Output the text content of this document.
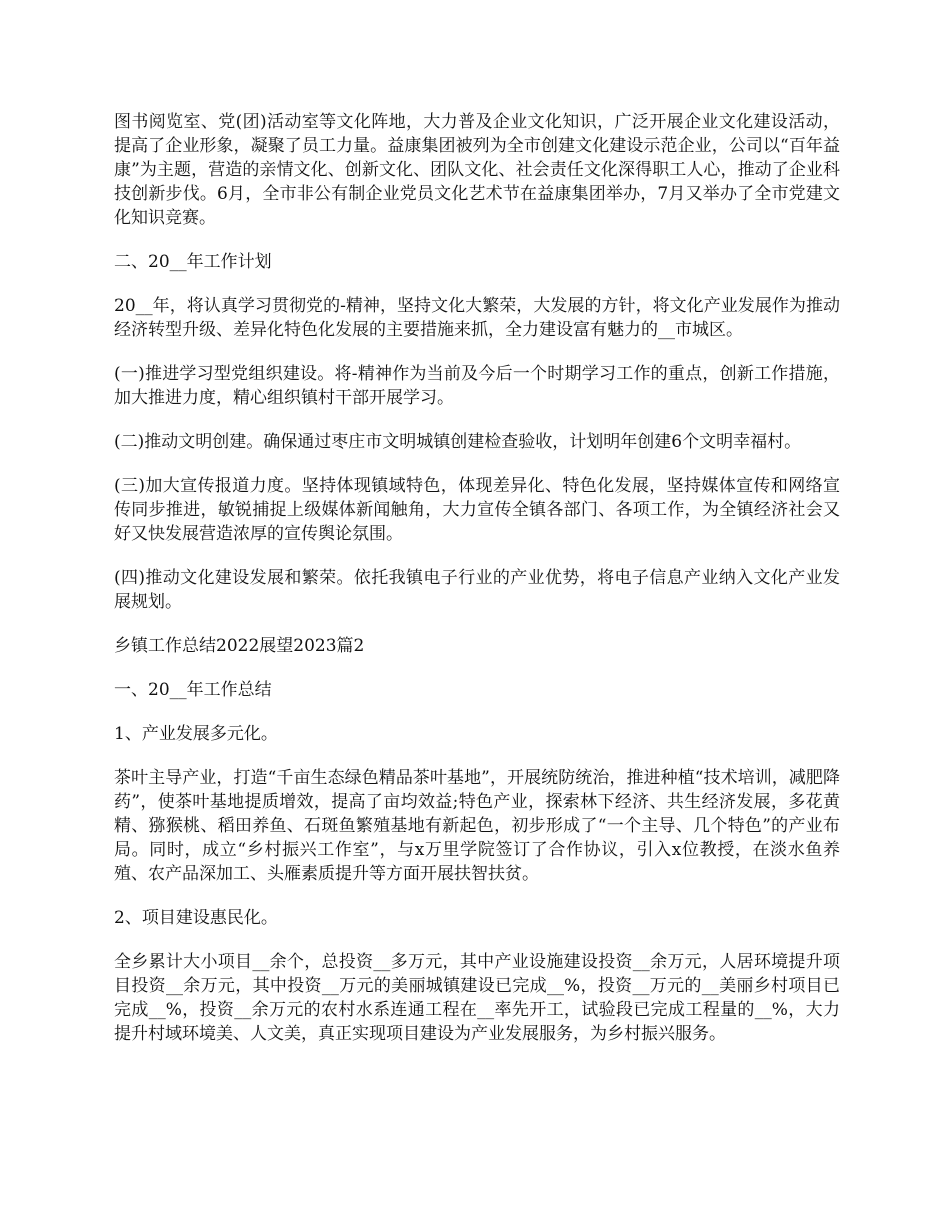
图书阅览室、党(团)活动室等文化阵地，大力普及企业文化知识，广泛开展企业文化建设活动，提高了企业形象，凝聚了员工力量。益康集团被列为全市创建文化建设示范企业，公司以“百年益康”为主题，营造的亲情文化、创新文化、团队文化、社会责任文化深得职工人心，推动了企业科技创新步伐。6月，全市非公有制企业党员文化艺术节在益康集团举办，7月又举办了全市党建文化知识竞赛。

二、20__年工作计划

20__年，将认真学习贯彻党的-精神，坚持文化大繁荣，大发展的方针，将文化产业发展作为推动经济转型升级、差异化特色化发展的主要措施来抓，全力建设富有魅力的__市城区。

(一)推进学习型党组织建设。将-精神作为当前及今后一个时期学习工作的重点，创新工作措施，加大推进力度，精心组织镇村干部开展学习。

(二)推动文明创建。确保通过枣庄市文明城镇创建检查验收，计划明年创建6个文明幸福村。

(三)加大宣传报道力度。坚持体现镇域特色，体现差异化、特色化发展，坚持媒体宣传和网络宣传同步推进，敏锐捕捉上级媒体新闻触角，大力宣传全镇各部门、各项工作，为全镇经济社会又好又快发展营造浓厚的宣传舆论氛围。

(四)推动文化建设发展和繁荣。依托我镇电子行业的产业优势，将电子信息产业纳入文化产业发展规划。

乡镇工作总结2022展望2023篇2

一、20__年工作总结

1、产业发展多元化。

茶叶主导产业，打造“千亩生态绿色精品茶叶基地”，开展统防统治，推进种植“技术培训，减肥降药”，使茶叶基地提质增效，提高了亩均效益;特色产业，探索林下经济、共生经济发展，多花黄精、猕猴桃、稻田养鱼、石斑鱼繁殖基地有新起色，初步形成了“一个主导、几个特色”的产业布局。同时，成立“乡村振兴工作室”，与x万里学院签订了合作协议，引入x位教授，在淡水鱼养殖、农产品深加工、头雁素质提升等方面开展扶智扶贫。

2、项目建设惠民化。

全乡累计大小项目__余个，总投资__多万元，其中产业设施建设投资__余万元，人居环境提升项目投资__余万元，其中投资__万元的美丽城镇建设已完成__%，投资__万元的__美丽乡村项目已完成__%，投资__余万元的农村水系连通工程在__率先开工，试验段已完成工程量的__%，大力提升村域环境美、人文美，真正实现项目建设为产业发展服务，为乡村振兴服务。
